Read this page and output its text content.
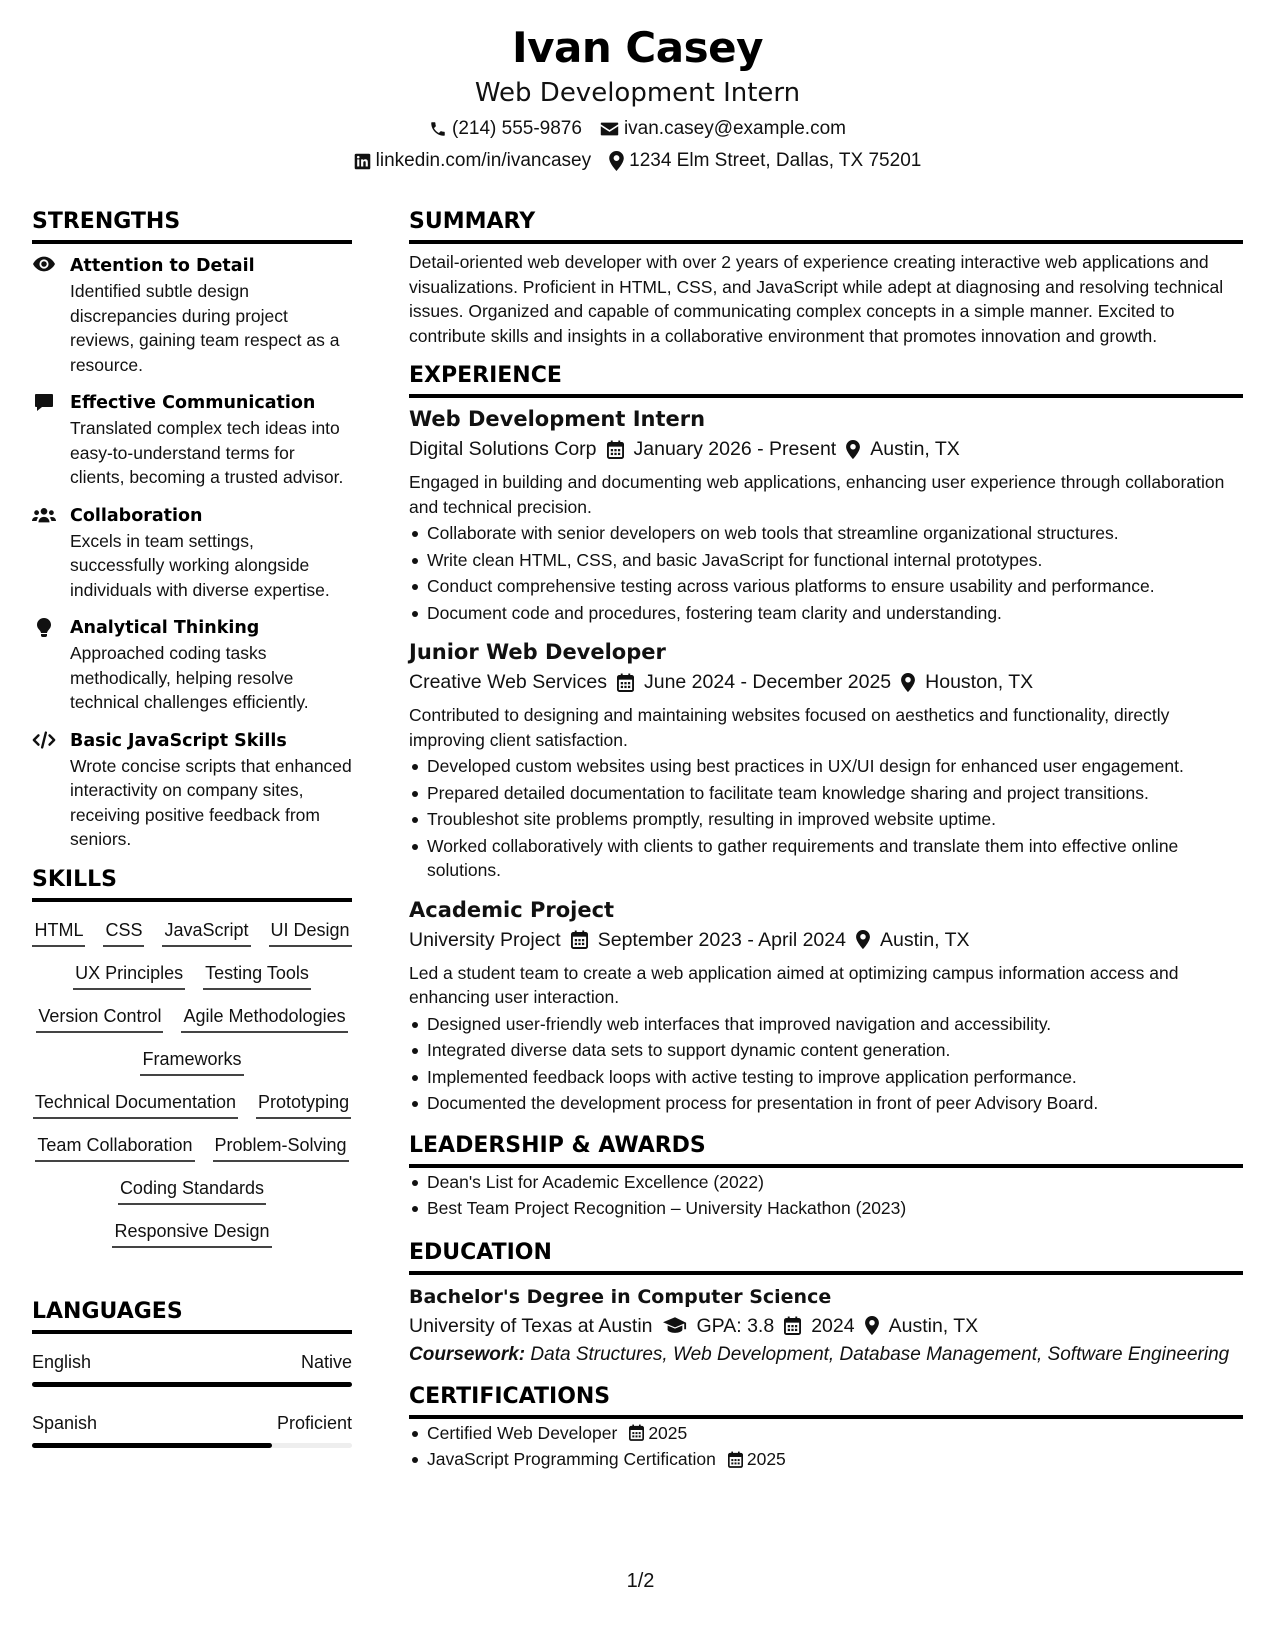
Ivan Casey
Web Development Intern
(214) 555-9876 ivan.casey@example.com
linkedin.com/in/ivancasey 1234 Elm Street, Dallas, TX 75201
STRENGTHS
Attention to Detail
Identified subtle design discrepancies during project reviews, gaining team respect as a resource.
Effective Communication
Translated complex tech ideas into easy-to-understand terms for clients, becoming a trusted advisor.
Collaboration
Excels in team settings, successfully working alongside individuals with diverse expertise.
Analytical Thinking
Approached coding tasks methodically, helping resolve technical challenges efficiently.
Basic JavaScript Skills
Wrote concise scripts that enhanced interactivity on company sites, receiving positive feedback from seniors.
SKILLS
HTML CSS JavaScript UI Design
UX Principles Testing Tools
Version Control Agile Methodologies
Frameworks
Technical Documentation Prototyping
Team Collaboration Problem-Solving
Coding Standards
Responsive Design
LANGUAGES
English	Native
Spanish	Proficient
SUMMARY
Detail-oriented web developer with over 2 years of experience creating interactive web applications and visualizations. Proficient in HTML, CSS, and JavaScript while adept at diagnosing and resolving technical issues. Organized and capable of communicating complex concepts in a simple manner. Excited to contribute skills and insights in a collaborative environment that promotes innovation and growth.
EXPERIENCE
Web Development Intern
Digital Solutions Corp January 2026 - Present Austin, TX
Engaged in building and documenting web applications, enhancing user experience through collaboration and technical precision.
Collaborate with senior developers on web tools that streamline organizational structures.
Write clean HTML, CSS, and basic JavaScript for functional internal prototypes.
Conduct comprehensive testing across various platforms to ensure usability and performance.
Document code and procedures, fostering team clarity and understanding.
Junior Web Developer
Creative Web Services June 2024 - December 2025 Houston, TX
Contributed to designing and maintaining websites focused on aesthetics and functionality, directly improving client satisfaction.
Developed custom websites using best practices in UX/UI design for enhanced user engagement.
Prepared detailed documentation to facilitate team knowledge sharing and project transitions.
Troubleshot site problems promptly, resulting in improved website uptime.
Worked collaboratively with clients to gather requirements and translate them into effective online solutions.
Academic Project
University Project September 2023 - April 2024 Austin, TX
Led a student team to create a web application aimed at optimizing campus information access and enhancing user interaction.
Designed user-friendly web interfaces that improved navigation and accessibility.
Integrated diverse data sets to support dynamic content generation.
Implemented feedback loops with active testing to improve application performance.
Documented the development process for presentation in front of peer Advisory Board.
LEADERSHIP & AWARDS
Dean's List for Academic Excellence (2022)
Best Team Project Recognition – University Hackathon (2023)
EDUCATION
Bachelor's Degree in Computer Science
University of Texas at Austin GPA: 3.8 2024 Austin, TX
Coursework: Data Structures, Web Development, Database Management, Software Engineering
CERTIFICATIONS
Certified Web Developer 2025
JavaScript Programming Certification 2025
1/2
